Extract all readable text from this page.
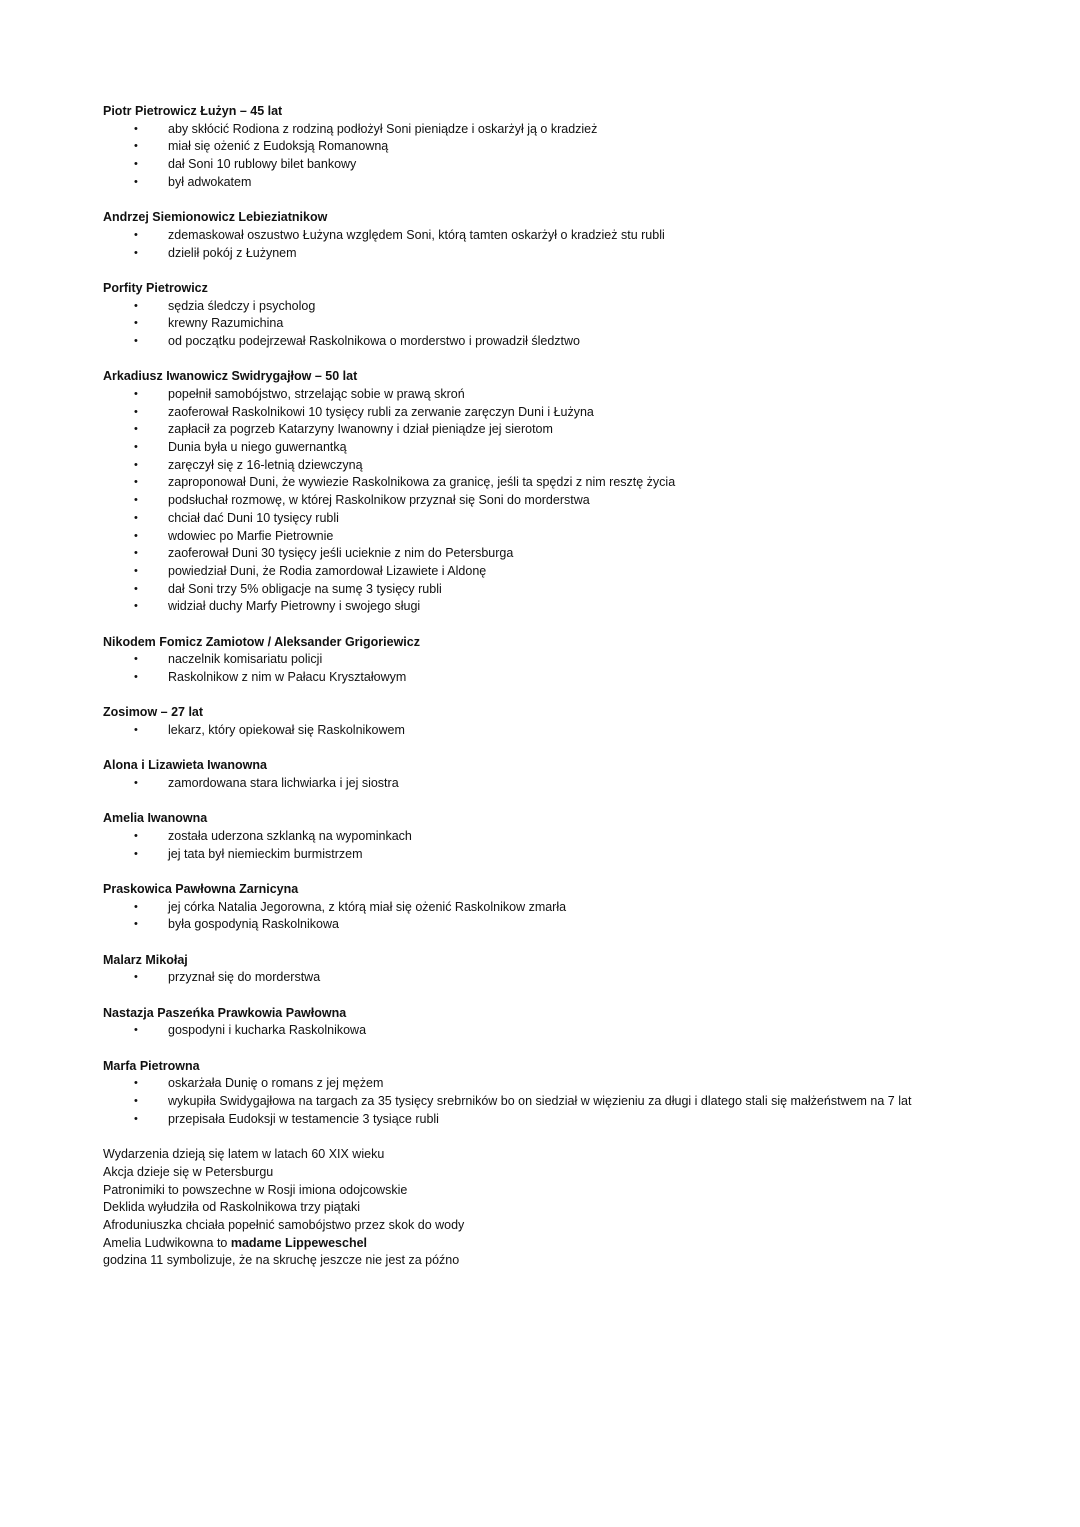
Piotr Pietrowicz Łużyn – 45 lat
• aby skłócić Rodiona z rodziną podłożył Soni pieniądze i oskarżył ją o kradzież
• miał się ożenić z Eudoksją Romanowną
• dał Soni 10 rublowy bilet bankowy
• był adwokatem
Andrzej Siemionowicz Lebieziatnikow
• zdemaskował oszustwo Łużyna względem Soni, którą tamten oskarżył o kradzież stu rubli
• dzielił pokój z Łużynem
Porfity Pietrowicz
• sędzia śledczy i psycholog
• krewny Razumichina
• od początku podejrzewał Raskolnikowa o morderstwo i prowadził śledztwo
Arkadiusz Iwanowicz Swidrygajłow – 50 lat
• popełnił samobójstwo, strzelając sobie w prawą skroń
• zaoferował Raskolnikowi 10 tysięcy rubli za zerwanie zaręczyn Duni i Łużyna
• zapłacił za pogrzeb Katarzyny Iwanowny i dział pieniądze jej sierotom
• Dunia była u niego guwernantką
• zaręczył się z 16-letnią dziewczyną
• zaproponował Duni, że wywiezie Raskolnikowa za granicę, jeśli ta spędzi z nim resztę życia
• podsłuchał rozmowę, w której Raskolnikow przyznał się Soni do morderstwa
• chciał dać Duni 10 tysięcy rubli
• wdowiec po Marfie Pietrownie
• zaoferował Duni 30 tysięcy jeśli ucieknie z nim do Petersburga
• powiedział Duni, że Rodia zamordował Lizawiete i Aldonę
• dał Soni trzy 5% obligacje na sumę 3 tysięcy rubli
• widział duchy Marfy Pietrowny i swojego sługi
Nikodem Fomicz Zamiotow / Aleksander Grigoriewicz
• naczelnik komisariatu policji
• Raskolnikow z nim w Pałacu Kryształowym
Zosimow – 27 lat
• lekarz, który opiekował się Raskolnikowem
Alona i Lizawieta Iwanowna
• zamordowana stara lichwiarka i jej siostra
Amelia Iwanowna
• została uderzona szklanką na wypominkach
• jej tata był niemieckim burmistrzem
Praskowica Pawłowna Zarnicyna
• jej córka Natalia Jegorowna, z którą miał się ożenić Raskolnikow zmarła
• była gospodynią Raskolnikowa
Malarz Mikołaj
• przyznał się do morderstwa
Nastazja Paszeńka Prawkowia Pawłowna
• gospodyni i kucharka Raskolnikowa
Marfa Pietrowna
• oskarżała Dunię o romans z jej mężem
• wykupiła Swidygajłowa na targach za 35 tysięcy srebrników bo on siedział w więzieniu za długi i dlatego stali się małżeństwem na 7 lat
• przepisała Eudoksji w testamencie 3 tysiące rubli

Wydarzenia dzieją się latem w latach 60 XIX wieku

Akcja dzieje się w Petersburgu

Patronimiki to powszechne w Rosji imiona odojcowskie

Deklida wyłudziła od Raskolnikowa trzy piątaki

Afroduniuszka chciała popełnić samobójstwo przez skok do wody

Amelia Ludwikowna to madame Lippeweschel

godzina 11 symbolizuje, że na skruchę jeszcze nie jest za późno
